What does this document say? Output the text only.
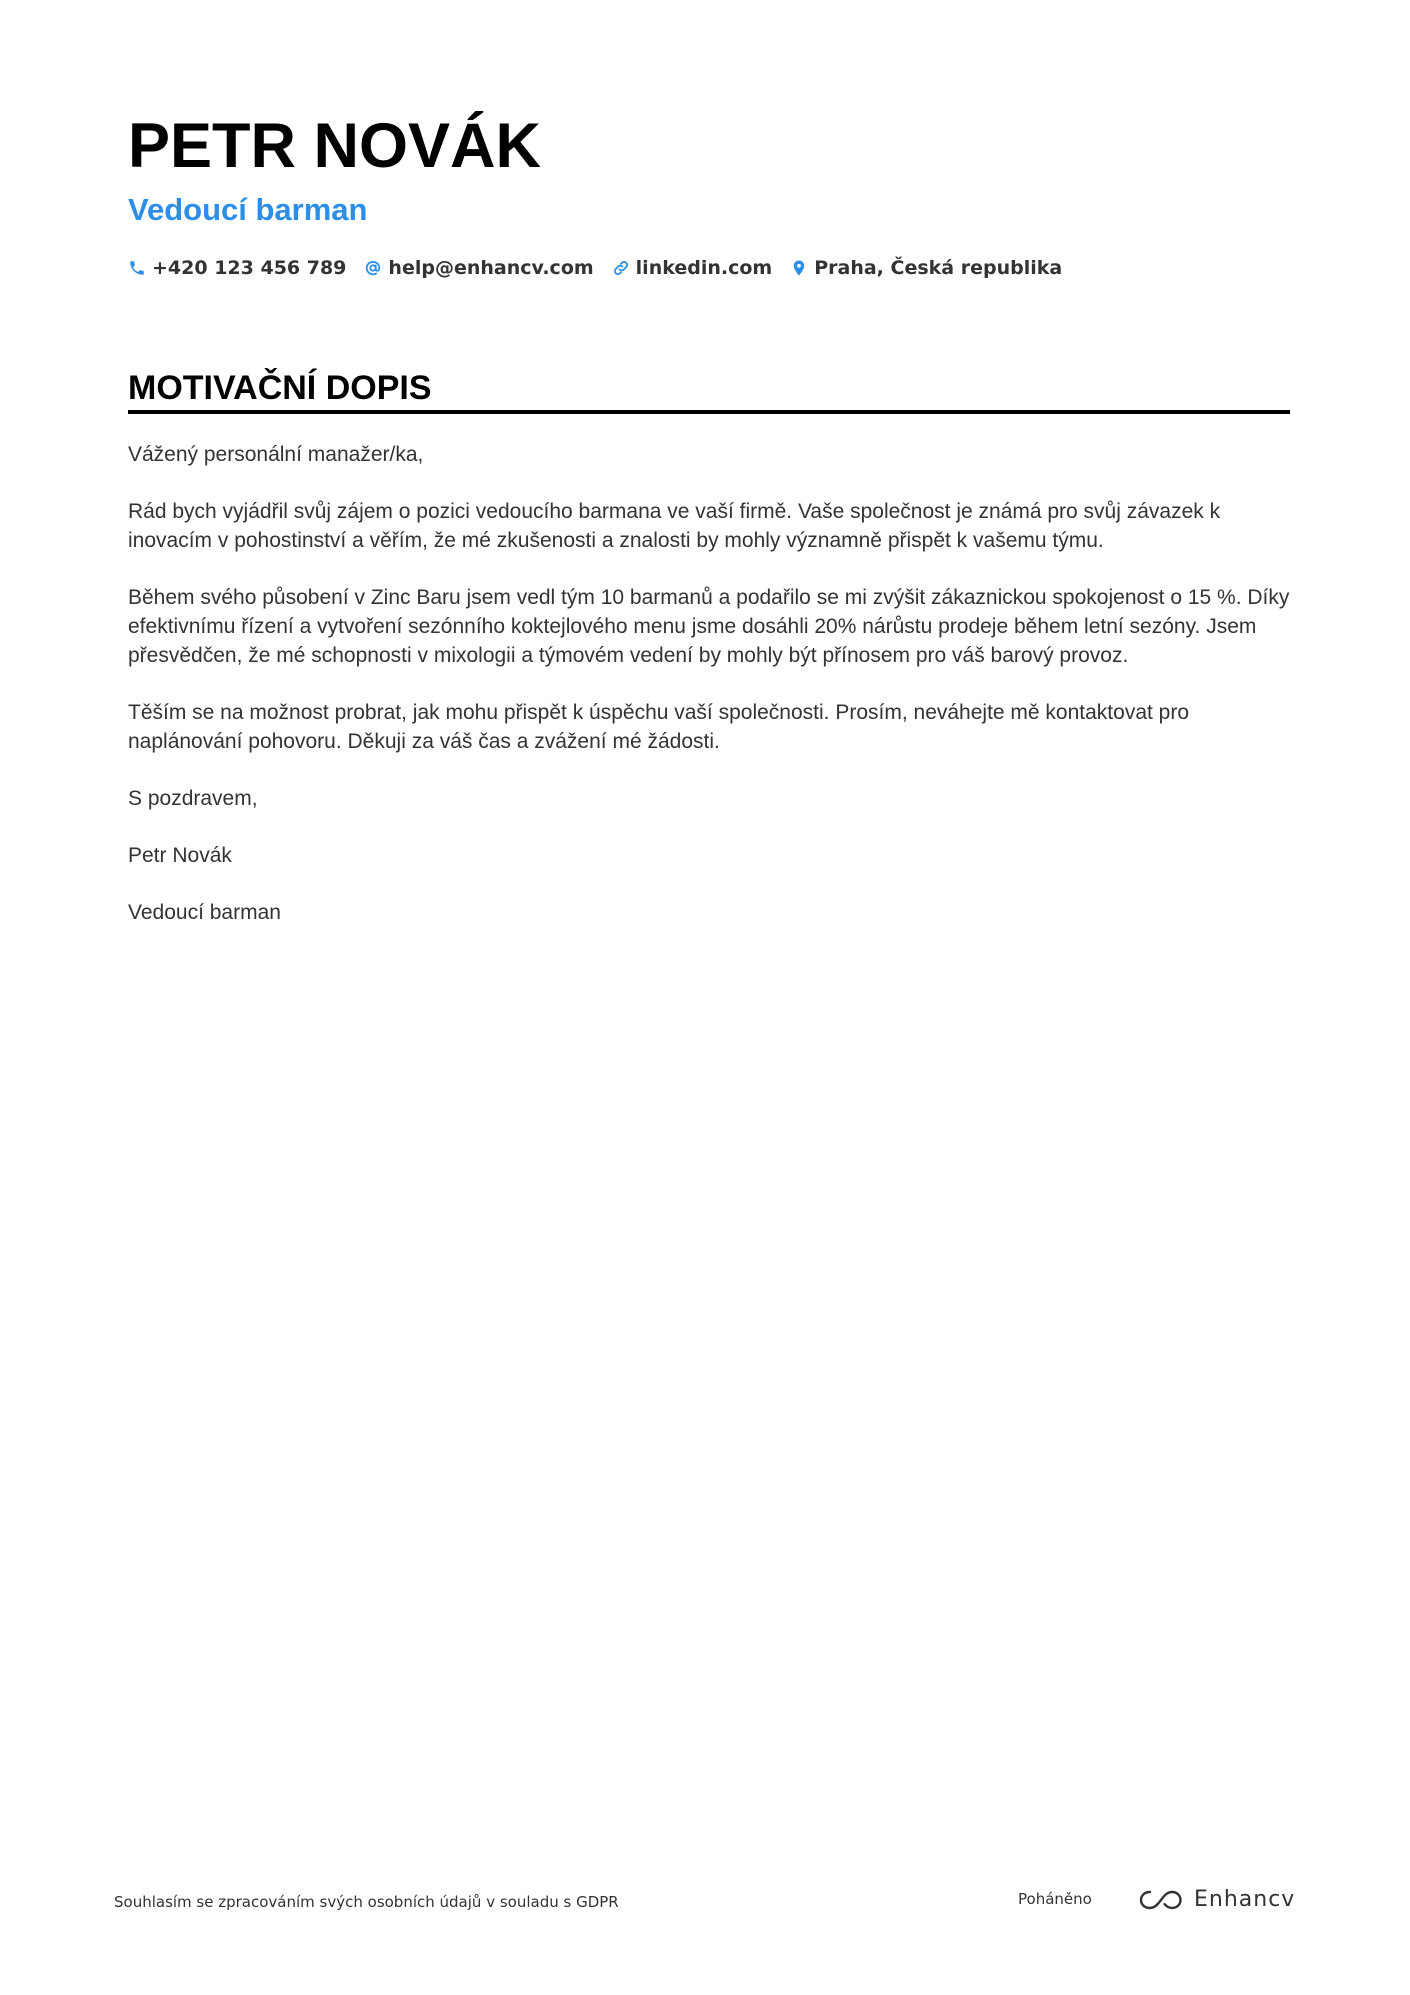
PETR NOVÁK
Vedoucí barman
+420 123 456 789 help@enhancv.com linkedin.com Praha, Česká republika
MOTIVAČNÍ DOPIS

Vážený personální manažer/ka,

Rád bych vyjádřil svůj zájem o pozici vedoucího barmana ve vaší firmě. Vaše společnost je známá pro svůj závazek k inovacím v pohostinství a věřím, že mé zkušenosti a znalosti by mohly významně přispět k vašemu týmu.

Během svého působení v Zinc Baru jsem vedl tým 10 barmanů a podařilo se mi zvýšit zákaznickou spokojenost o 15 %. Díky efektivnímu řízení a vytvoření sezónního koktejlového menu jsme dosáhli 20% nárůstu prodeje během letní sezóny. Jsem přesvědčen, že mé schopnosti v mixologii a týmovém vedení by mohly být přínosem pro váš barový provoz.

Těším se na možnost probrat, jak mohu přispět k úspěchu vaší společnosti. Prosím, neváhejte mě kontaktovat pro naplánování pohovoru. Děkuji za váš čas a zvážení mé žádosti.

S pozdravem,

Petr Novák

Vedoucí barman

Souhlasím se zpracováním svých osobních údajů v souladu s GDPR	Poháněno	Enhancv
